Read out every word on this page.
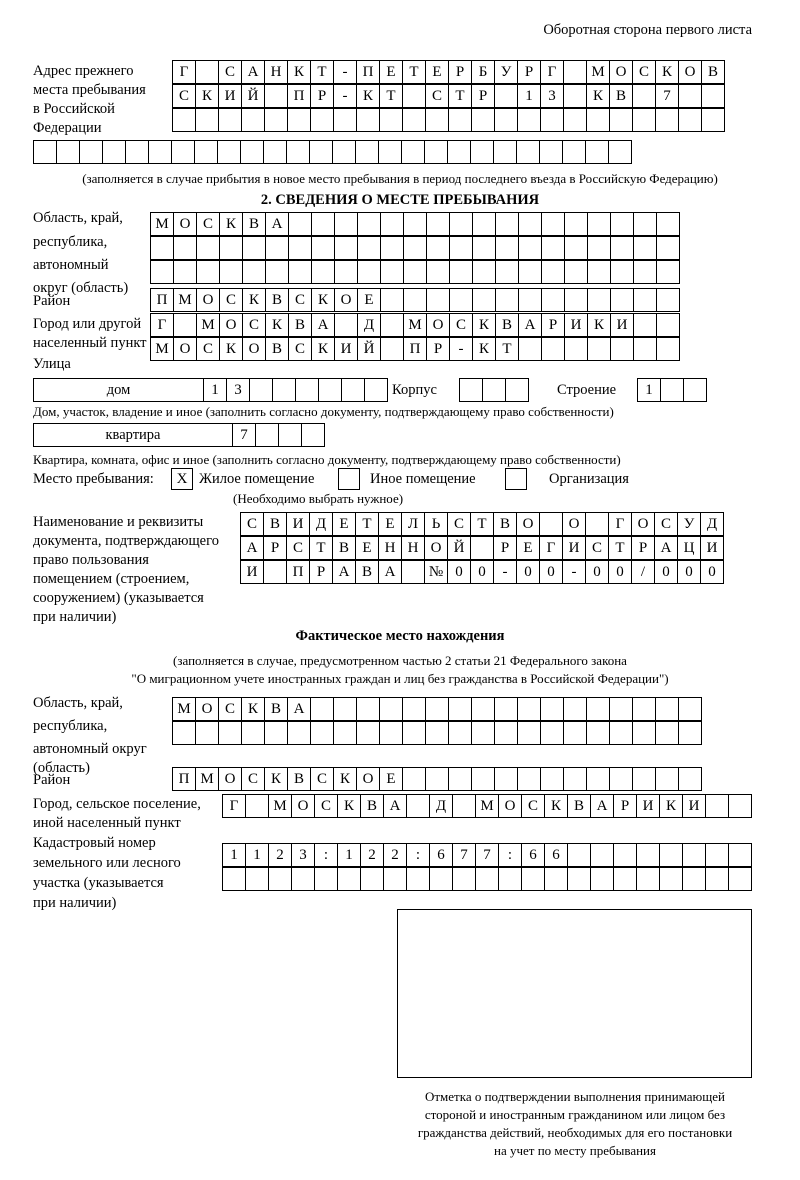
Оборотная сторона первого листа
Адрес прежнего
места пребывания
в Российской
Федерации
Г	С А Н К Т	-	П Е Т Е Р Б У Р Г	М О С К О В
С К И Й	П Р	-	К Т	С Т Р	1	3	К В	7
(заполняется в случае прибытия в новое место пребывания в период последнего въезда в Российскую Федерацию)
2. СВЕДЕНИЯ О МЕСТЕ ПРЕБЫВАНИЯ
Область, край,
республика,
автономный
округ (область)
М О С К В А
Район	П М О С К В С К О Е
Город или другой
населенный пункт
Г	М О С К В А	Д	М О С К В А Р И К И
Улица
М О С К О В С К И Й	П Р	-	К Т
дом	1	3	Корпус	Строение	1
Дом, участок, владение и иное (заполнить согласно документу, подтверждающему право собственности)
квартира	7
Квартира, комната, офис и иное (заполнить согласно документу, подтверждающему право собственности)
Место пребывания:	X Жилое помещение	Иное помещение	Организация
(Необходимо выбрать нужное)
Наименование и реквизиты
документа, подтверждающего
право пользования
помещением (строением,
сооружением) (указывается
при наличии)
С В И Д Е Т Е Л Ь С Т В О	О	Г О С У Д
А Р С Т В Е Н Н О Й	Р Е Г И С Т Р А Ц И
И	П Р А В А	№ 0	0	-	0	0	-	0	0	/	0	0	0
Фактическое место нахождения
(заполняется в случае, предусмотренном частью 2 статьи 21 Федерального закона
"О миграционном учете иностранных граждан и лиц без гражданства в Российской Федерации")
Область, край,
республика,
автономный округ
(область)
М О С К В А
Район	П М О С К В С К О Е
Город, сельское поселение,
иной населенный пункт
Г	М О С К В А	Д	М О С К В А Р И К И
Кадастровый номер
земельного или лесного
участка (указывается
при наличии)
1	1	2	3	:	1	2	2	:	6	7	7	:	6	6
Отметка о подтверждении выполнения принимающей
стороной и иностранным гражданином или лицом без
гражданства действий, необходимых для его постановки
на учет по месту пребывания
